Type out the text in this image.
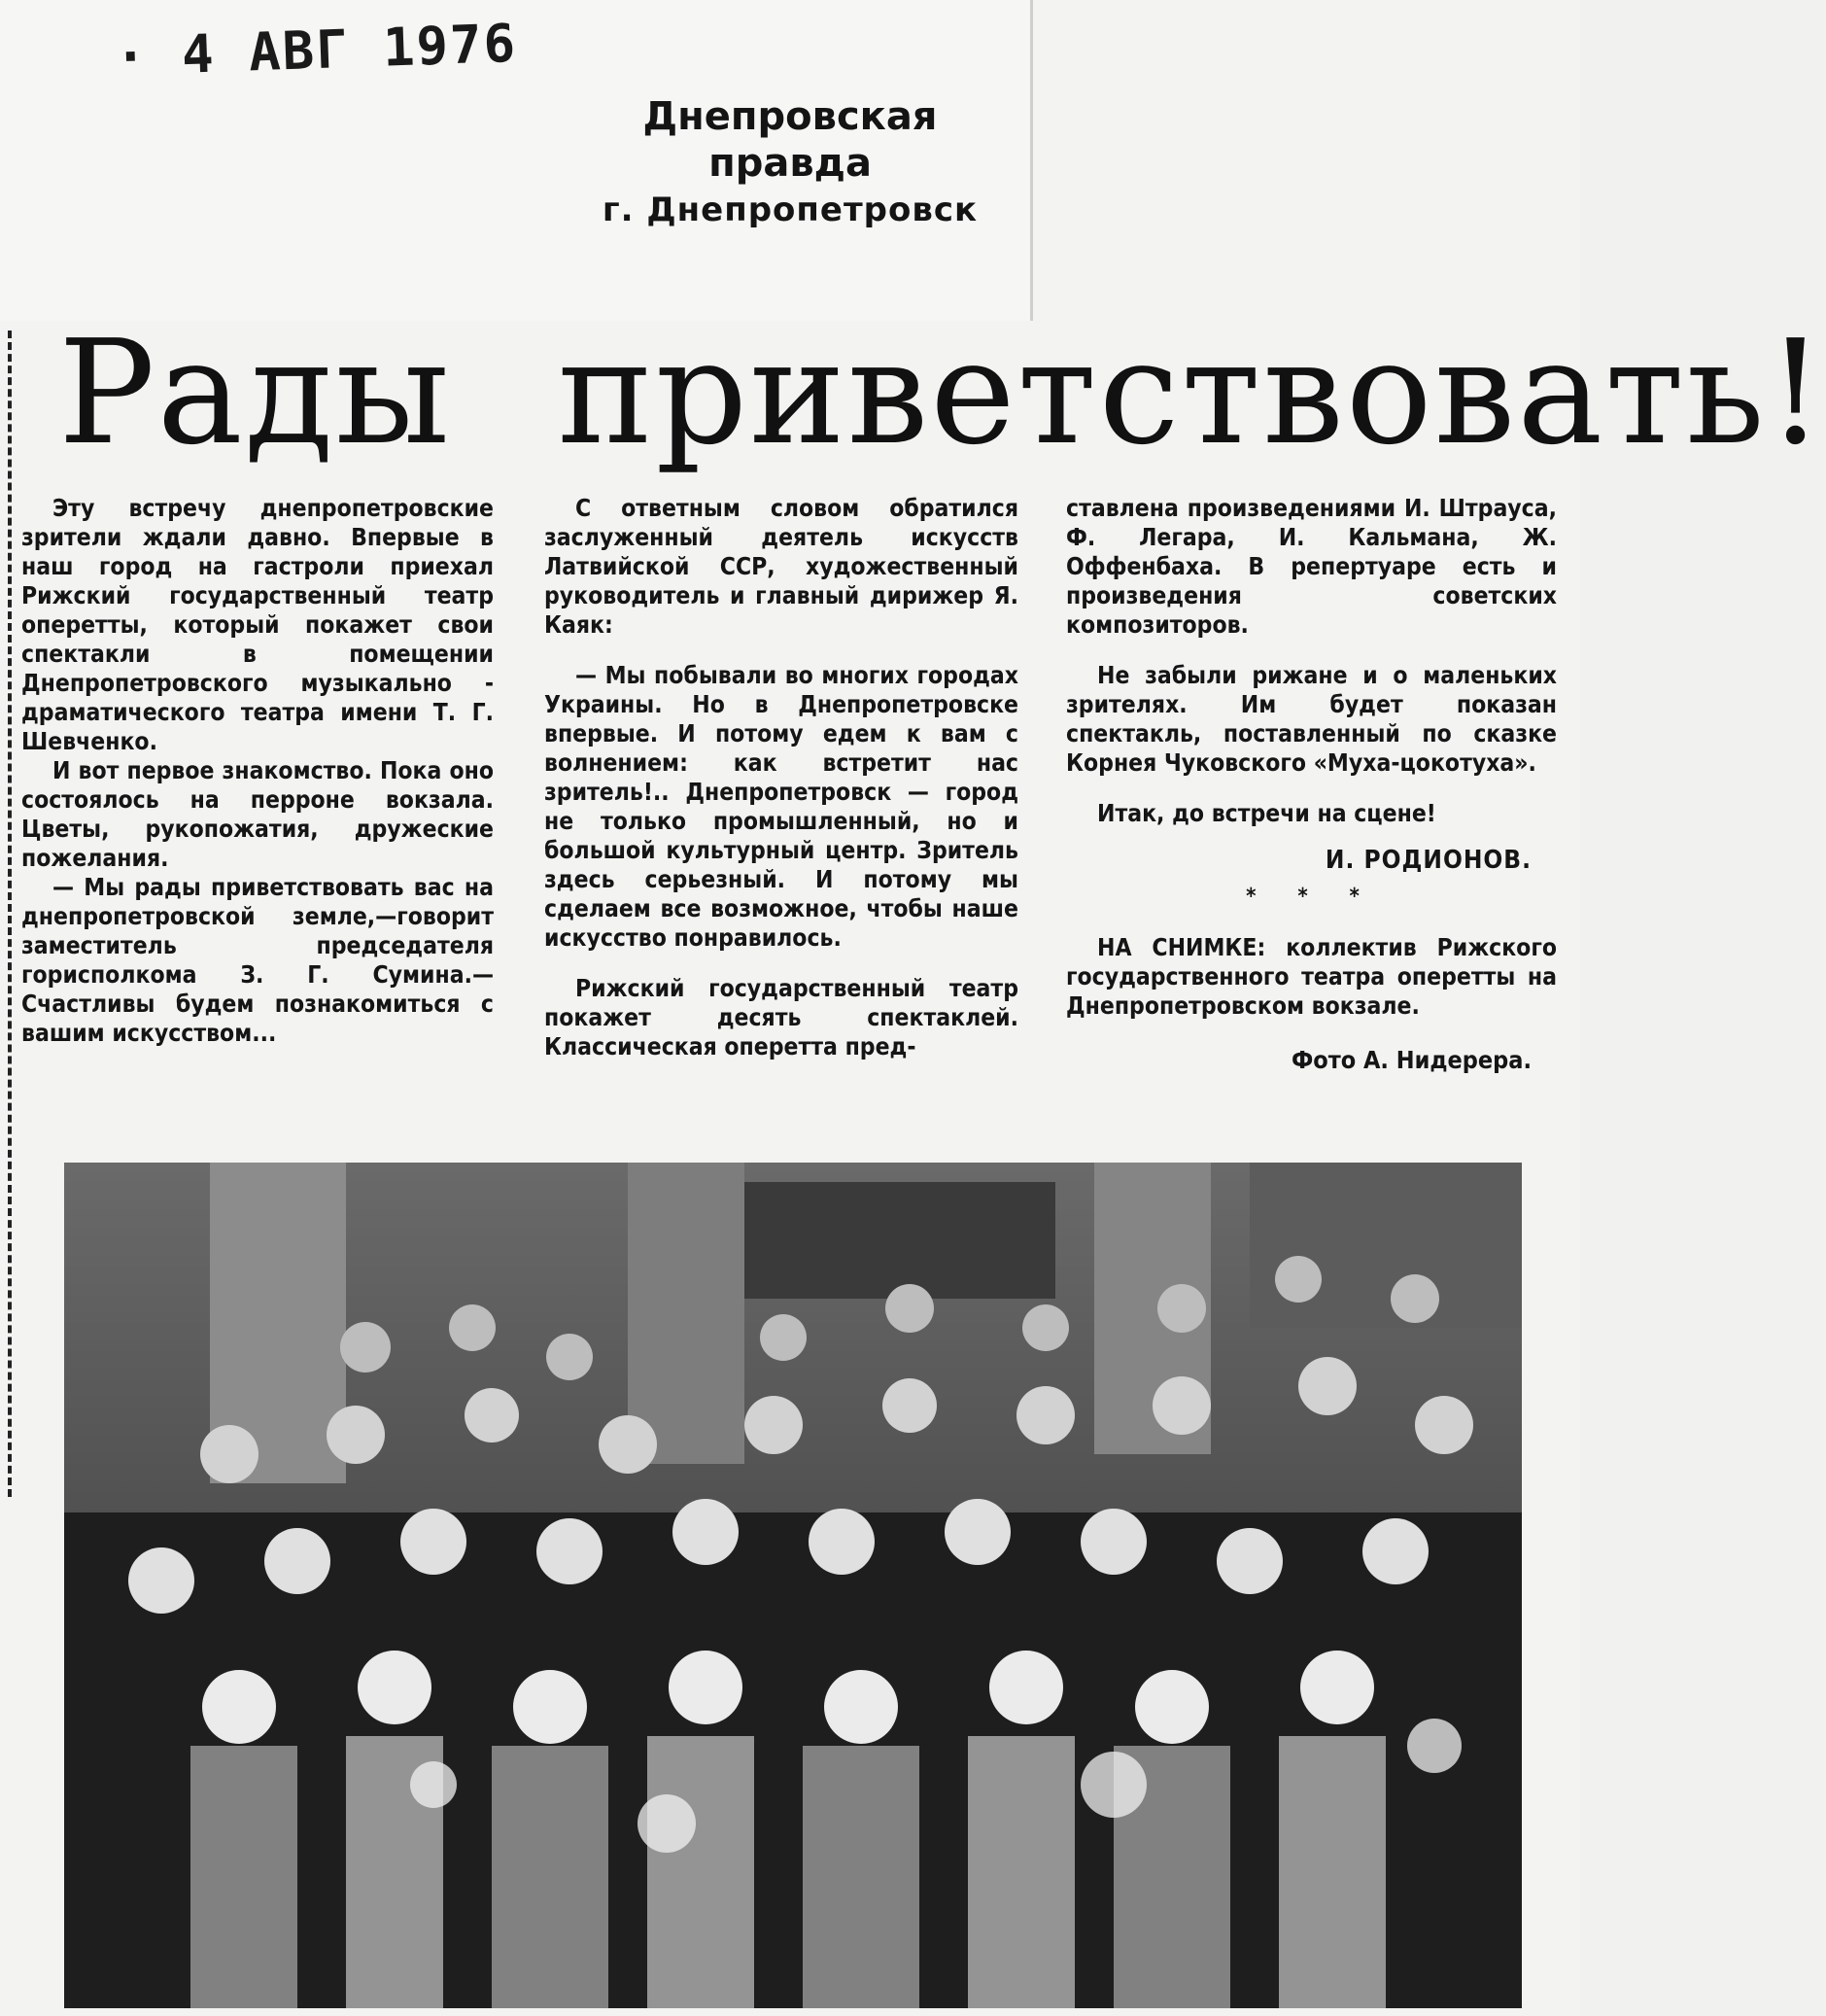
· 4 АВГ 1976
Днепровская правда
г. Днепропетровск
Рады приветствовать!

Эту встречу днепропетровские зрители ждали давно. Впервые в наш город на гастроли приехал Рижский государственный театр оперетты, который покажет свои спектакли в помещении Днепропетровского музыкально - драматического театра имени Т. Г. Шевченко.

И вот первое знакомство. Пока оно состоялось на перроне вокзала. Цветы, рукопожатия, дружеские пожелания.

— Мы рады приветствовать вас на днепропетровской земле,—говорит заместитель председателя горисполкома З. Г. Сумина.—Счастливы будем познакомиться с вашим искусством...

С ответным словом обратился заслуженный деятель искусств Латвийской ССР, художественный руководитель и главный дирижер Я. Каяк:

— Мы побывали во многих городах Украины. Но в Днепропетровске впервые. И потому едем к вам с волнением: как встретит нас зритель!.. Днепропетровск — город не только промышленный, но и большой культурный центр. Зритель здесь серьезный. И потому мы сделаем все возможное, чтобы наше искусство понравилось.

Рижский государственный театр покажет десять спектаклей. Классическая оперетта пред-

ставлена произведениями И. Штрауса, Ф. Легара, И. Кальмана, Ж. Оффенбаха. В репертуаре есть и произведения советских композиторов.

Не забыли рижане и о маленьких зрителях. Им будет показан спектакль, поставленный по сказке Корнея Чуковского «Муха-цокотуха».

Итак, до встречи на сцене!

И. РОДИОНОВ.
* * *

НА СНИМКЕ: коллектив Рижского государственного театра оперетты на Днепропетровском вокзале.

Фото А. Нидерера.
